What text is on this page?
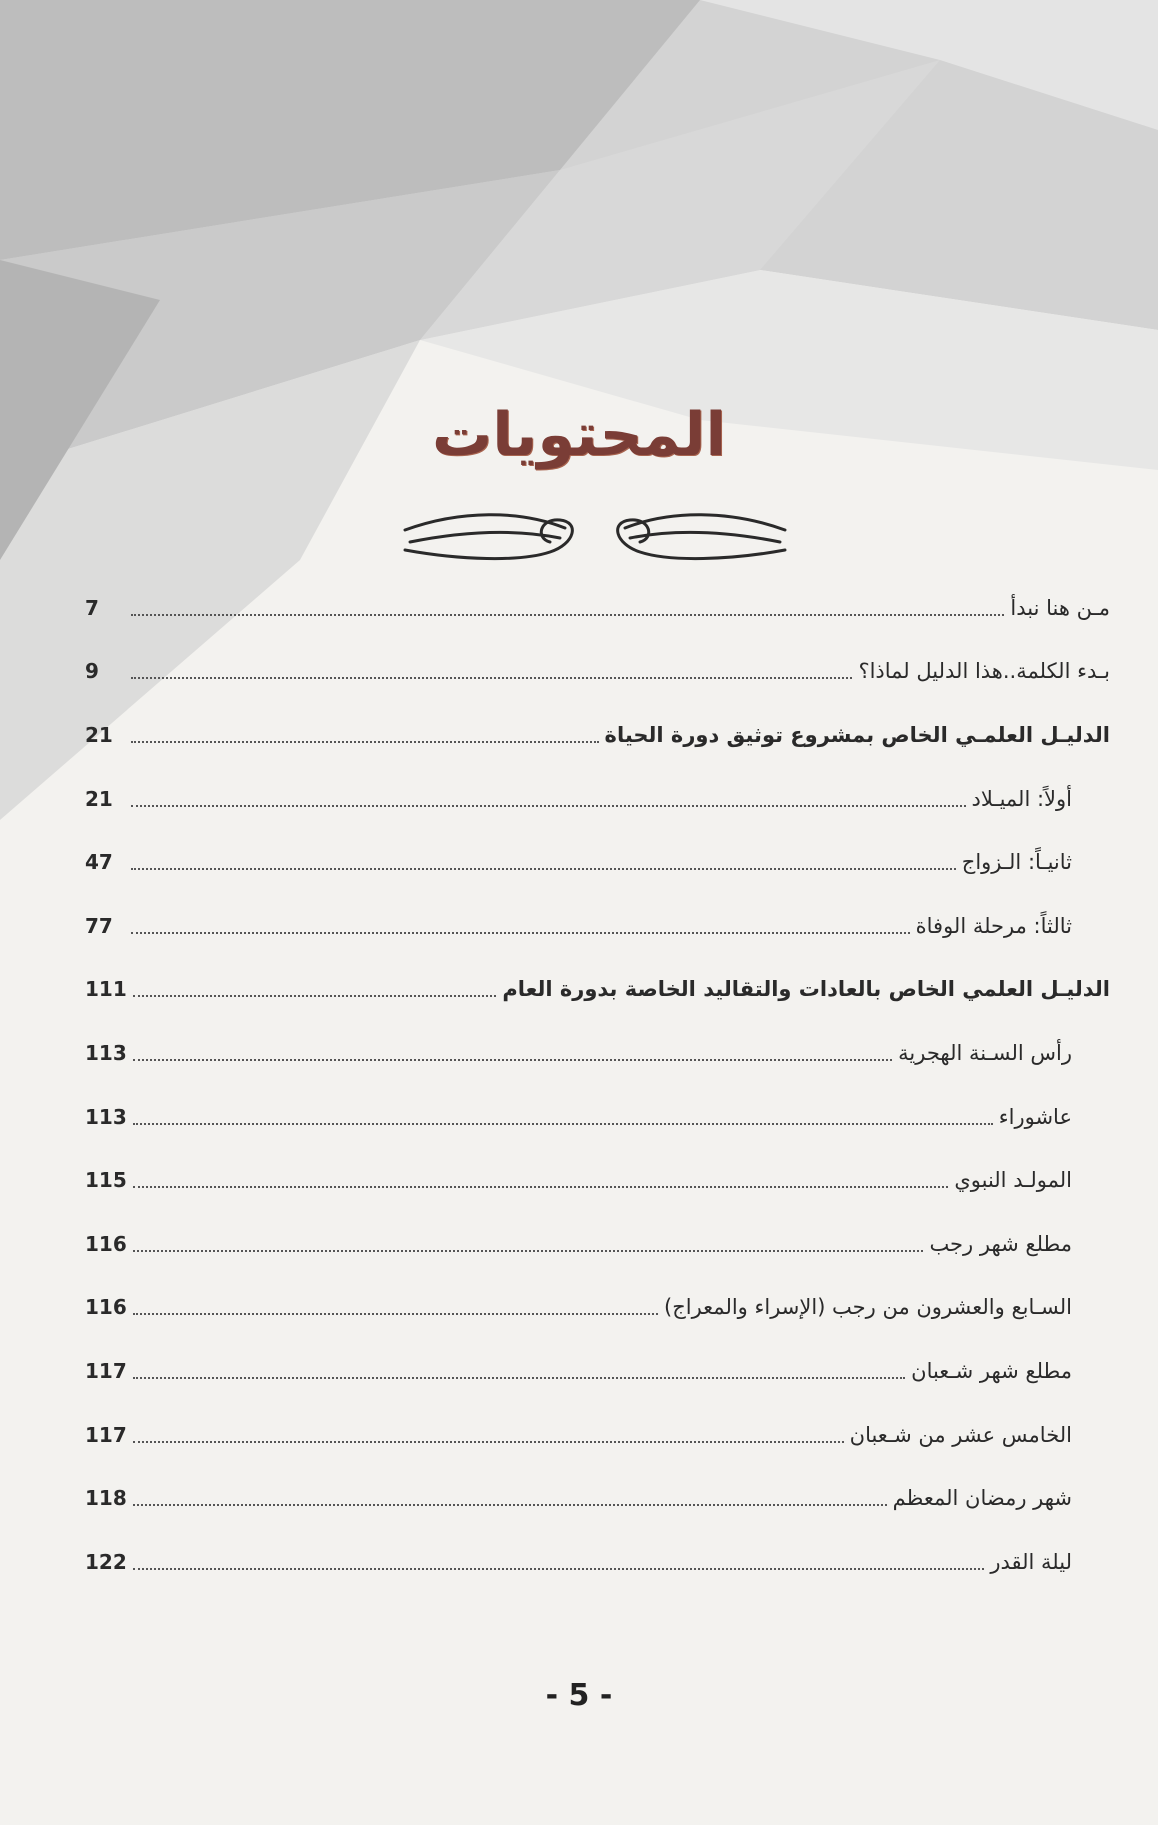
المحتويات
مـن هنا نبدأ
7
بـدء الكلمة..هذا الدليل لماذا؟
9
الدليـل العلمـي الخاص بمشروع توثيق دورة الحياة
21
أولاً: الميـلاد
21
ثانيـاً: الـزواج
47
ثالثاً: مرحلة الوفاة
77
الدليـل العلمي الخاص بالعادات والتقاليد الخاصة بدورة العام
111
رأس السـنة الهجرية
113
عاشوراء
113
المولـد النبوي
115
مطلع شهر رجب
116
السـابع والعشرون من رجب (الإسراء والمعراج)
116
مطلع شهر شـعبان
117
الخامس عشر من شـعبان
117
شهر رمضان المعظم
118
ليلة القدر
122
- 5 -
